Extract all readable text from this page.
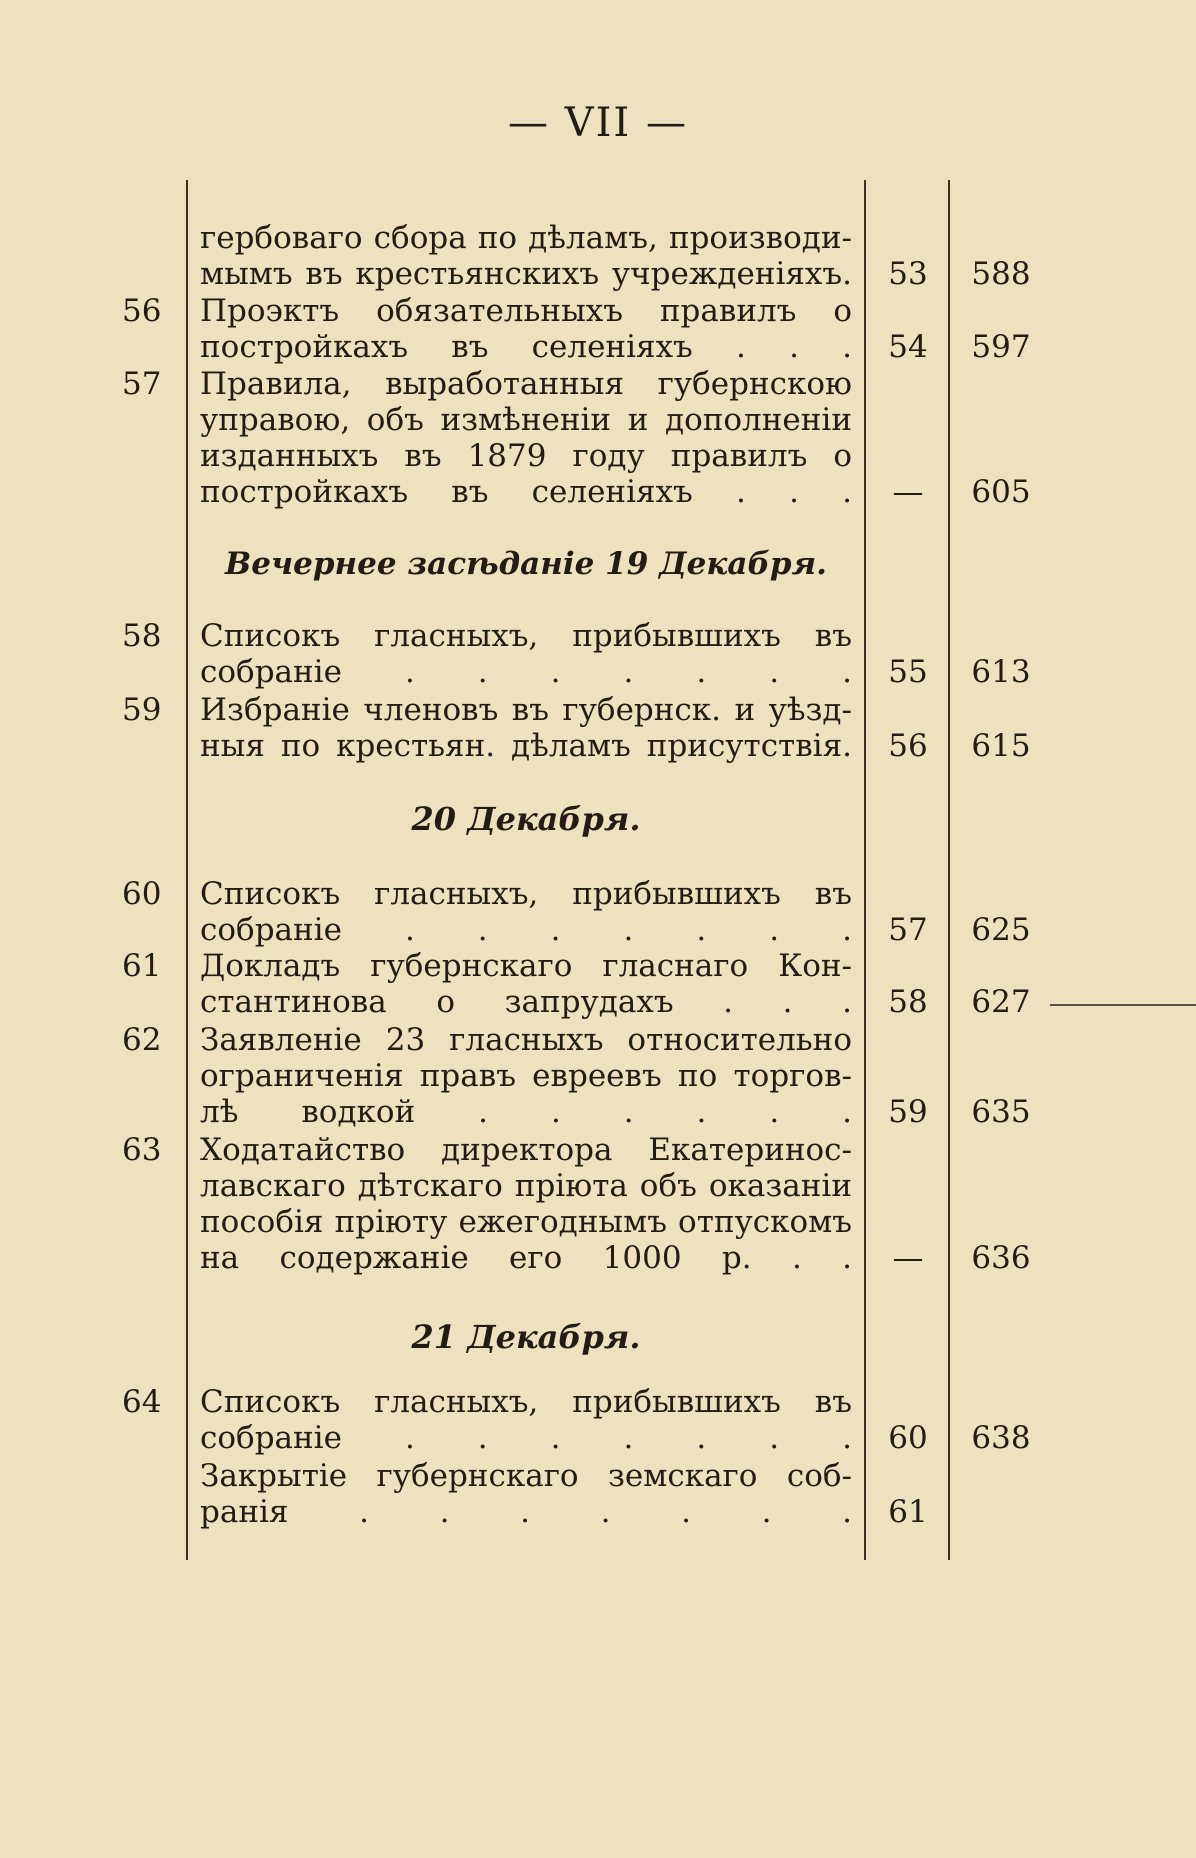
— VII —
гербоваго сбора по дѣламъ, производи-
мымъ въ крестьянскихъ учрежденіяхъ.	53	588
56 Проэктъ обязательныхъ правилъ о
постройкахъ въ селеніяхъ . . .	54	597
57 Правила, выработанныя губернскою
управою, объ измѣненіи и дополненіи
изданныхъ въ 1879 году правилъ о
постройкахъ въ селеніяхъ . . .	—	605
Вечернее засѣданіе 19 Декабря.
58 Списокъ гласныхъ, прибывшихъ въ
собраніе . . . . . . .	55	613
59 Избраніе членовъ въ губернск. и уѣзд-
ныя по крестьян. дѣламъ присутствія.	56	615
20 Декабря.
60 Списокъ гласныхъ, прибывшихъ въ
собраніе . . . . . . .	57	625
61 Докладъ губернскаго гласнаго Кон-
стантинова о запрудахъ . . .	58	627
62 Заявленіе 23 гласныхъ относительно
ограниченія правъ евреевъ по торгов-
лѣ водкой . . . . . .	59	635
63 Ходатайство директора Екатеринос-
лавскаго дѣтскаго пріюта объ оказаніи
пособія пріюту ежегоднымъ отпускомъ
на содержаніе его 1000 р. . .	—	636
21 Декабря.
64 Списокъ гласныхъ, прибывшихъ въ
собраніе . . . . . . .	60	638
Закрытіе губернскаго земскаго соб-
ранія . . . . . . .	61
